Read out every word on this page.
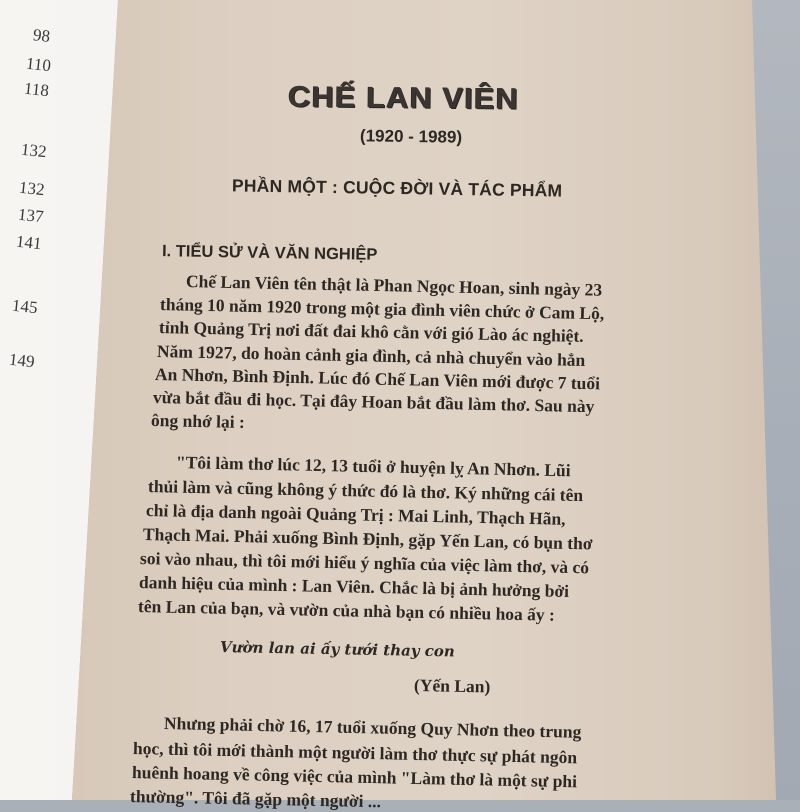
98
110
118
132
132
137
141
145
149
CHẾ LAN VIÊN
(1920 - 1989)
PHẦN MỘT : CUỘC ĐỜI VÀ TÁC PHẨM
I. TIỂU SỬ VÀ VĂN NGHIỆP
Chế Lan Viên tên thật là Phan Ngọc Hoan, sinh ngày 23
tháng 10 năm 1920 trong một gia đình viên chức ở Cam Lộ,
tỉnh Quảng Trị nơi đất đai khô cằn với gió Lào ác nghiệt.
Năm 1927, do hoàn cảnh gia đình, cả nhà chuyển vào hẳn
An Nhơn, Bình Định. Lúc đó Chế Lan Viên mới được 7 tuổi
vừa bắt đầu đi học. Tại đây Hoan bắt đầu làm thơ. Sau này
ông nhớ lại :
"Tôi làm thơ lúc 12, 13 tuổi ở huyện lỵ An Nhơn. Lũi
thủi làm và cũng không ý thức đó là thơ. Ký những cái tên
chỉ là địa danh ngoài Quảng Trị : Mai Linh, Thạch Hãn,
Thạch Mai. Phải xuống Bình Định, gặp Yến Lan, có bụn thơ
soi vào nhau, thì tôi mới hiểu ý nghĩa của việc làm thơ, và có
danh hiệu của mình : Lan Viên. Chắc là bị ảnh hưởng bởi
tên Lan của bạn, và vườn của nhà bạn có nhiều hoa ấy :
Vườn lan ai ấy tưới thay con
(Yến Lan)
Nhưng phải chờ 16, 17 tuổi xuống Quy Nhơn theo trung
học, thì tôi mới thành một người làm thơ thực sự phát ngôn
huênh hoang về công việc của mình "Làm thơ là một sự phi
thường". Tôi đã gặp một người ...
